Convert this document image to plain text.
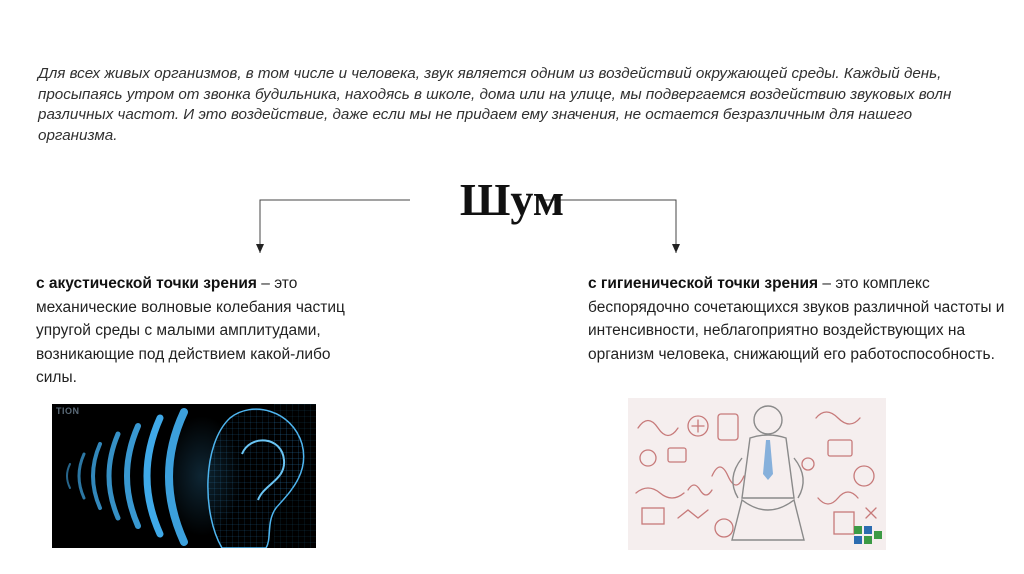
Для всех живых организмов, в том числе и человека, звук является одним из воздействий окружающей среды. Каждый день, просыпаясь утром от звонка будильника, находясь в школе, дома или на улице, мы подвергаемся воздействию звуковых волн различных частот. И это воздействие, даже если мы не придаем ему значения, не остается безразличным для нашего организма.

Шум
с акустической точки зрения – это механические волновые колебания частиц упругой среды с малыми амплитудами, возникающие под действием какой-либо силы.
с гигиенической точки зрения – это комплекс беспорядочно сочетающихся звуков различной частоты и интенсивности, неблагоприятно воздействующих на организм человека, снижающий его работоспособность.
TION
